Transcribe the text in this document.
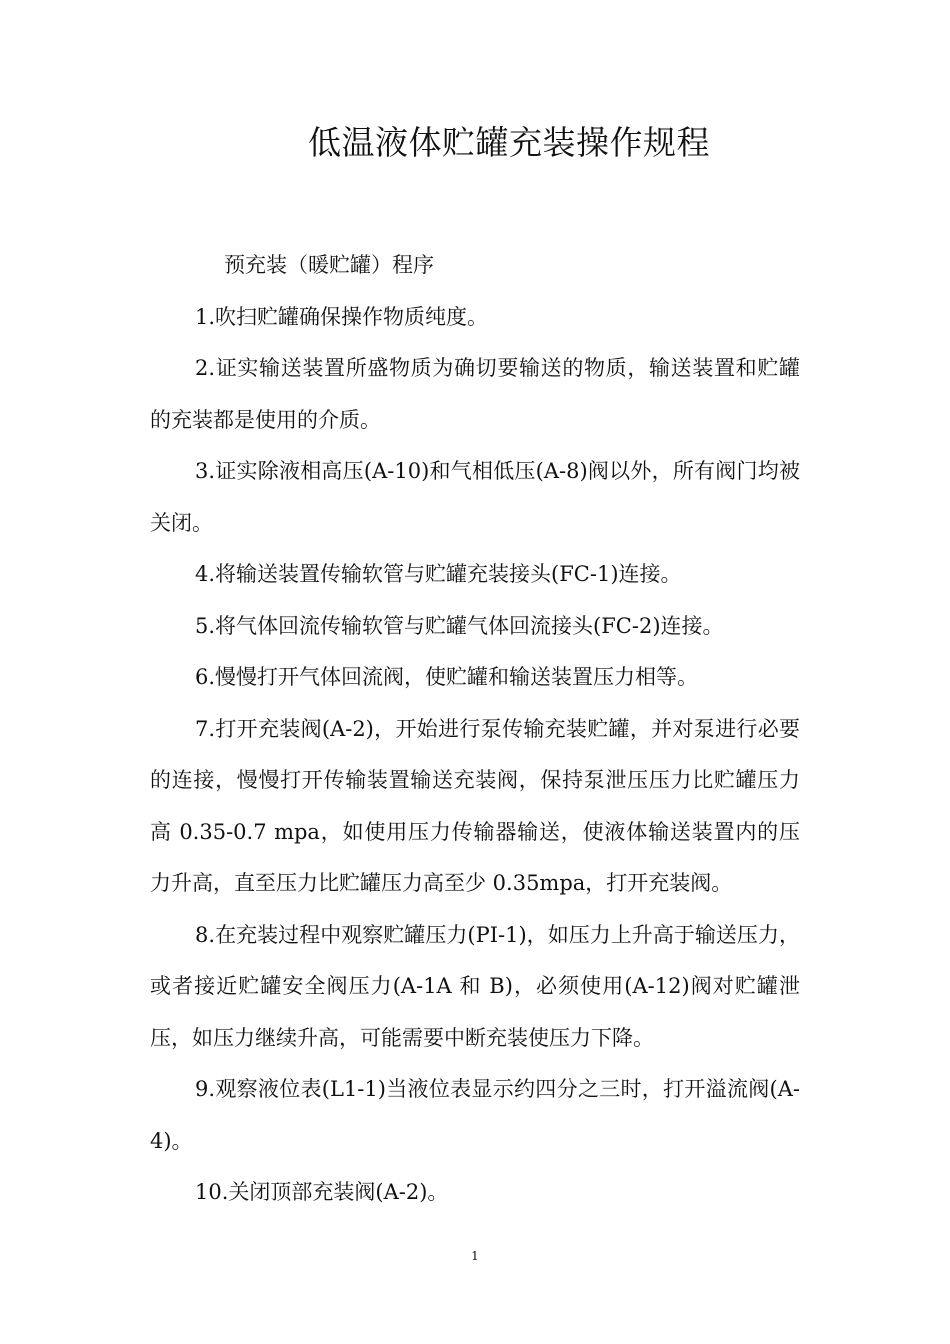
低温液体贮罐充装操作规程

预充装（暖贮罐）程序

1.吹扫贮罐确保操作物质纯度。

2.证实输送装置所盛物质为确切要输送的物质，输送装置和贮罐的充装都是使用的介质。

3.证实除液相高压(A-10)和气相低压(A-8)阀以外，所有阀门均被关闭。

4.将输送装置传输软管与贮罐充装接头(FC-1)连接。

5.将气体回流传输软管与贮罐气体回流接头(FC-2)连接。

6.慢慢打开气体回流阀，使贮罐和输送装置压力相等。

7.打开充装阀(A-2)，开始进行泵传输充装贮罐，并对泵进行必要的连接，慢慢打开传输装置输送充装阀，保持泵泄压压力比贮罐压力高 0.35-0.7 mpa，如使用压力传输器输送，使液体输送装置内的压力升高，直至压力比贮罐压力高至少 0.35mpa，打开充装阀。

8.在充装过程中观察贮罐压力(PI-1)，如压力上升高于输送压力，或者接近贮罐安全阀压力(A-1A 和 B)，必须使用(A-12)阀对贮罐泄压，如压力继续升高，可能需要中断充装使压力下降。

9.观察液位表(L1-1)当液位表显示约四分之三时，打开溢流阀(A-4)。

10.关闭顶部充装阀(A-2)。

1
